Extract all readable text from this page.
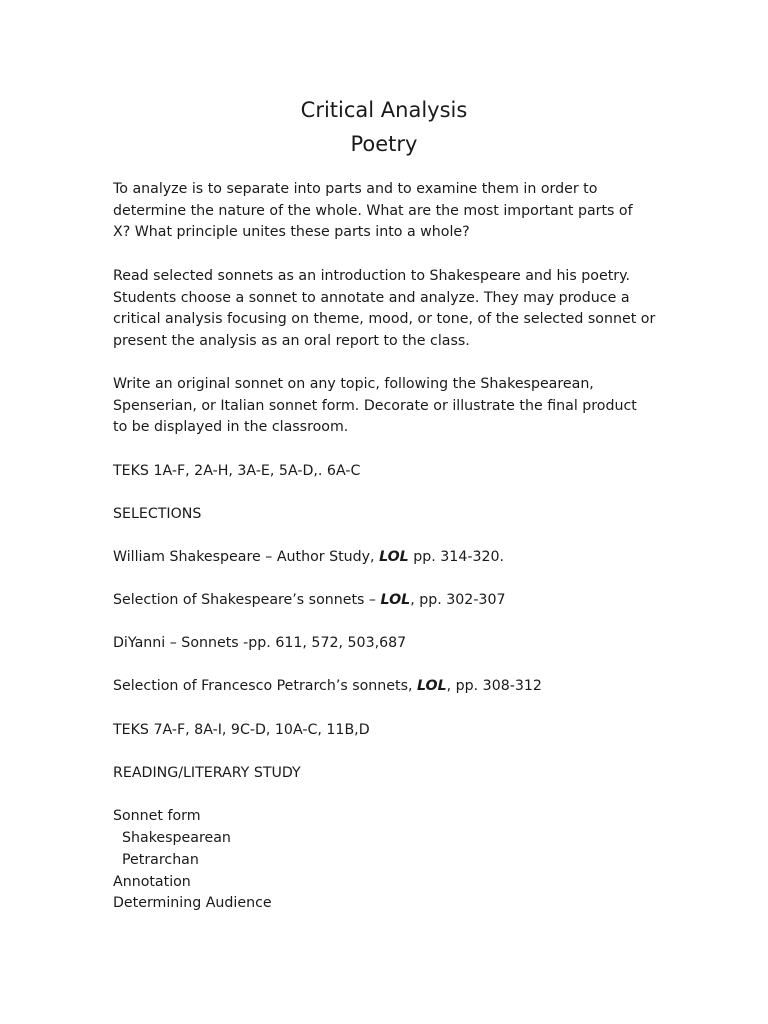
Critical Analysis
Poetry
To analyze is to separate into parts and to examine them in order to
determine the nature of the whole. What are the most important parts of
X? What principle unites these parts into a whole?
Read selected sonnets as an introduction to Shakespeare and his poetry.
Students choose a sonnet to annotate and analyze. They may produce a
critical analysis focusing on theme, mood, or tone, of the selected sonnet or
present the analysis as an oral report to the class.
Write an original sonnet on any topic, following the Shakespearean,
Spenserian, or Italian sonnet form. Decorate or illustrate the final product
to be displayed in the classroom.
TEKS 1A-F, 2A-H, 3A-E, 5A-D,. 6A-C
SELECTIONS
William Shakespeare – Author Study, LOL pp. 314-320.
Selection of Shakespeare’s sonnets – LOL, pp. 302-307
DiYanni – Sonnets -pp. 611, 572, 503,687
Selection of Francesco Petrarch’s sonnets, LOL, pp. 308-312
TEKS 7A-F, 8A-I, 9C-D, 10A-C, 11B,D
READING/LITERARY STUDY
Sonnet form
Shakespearean
Petrarchan
Annotation
Determining Audience
